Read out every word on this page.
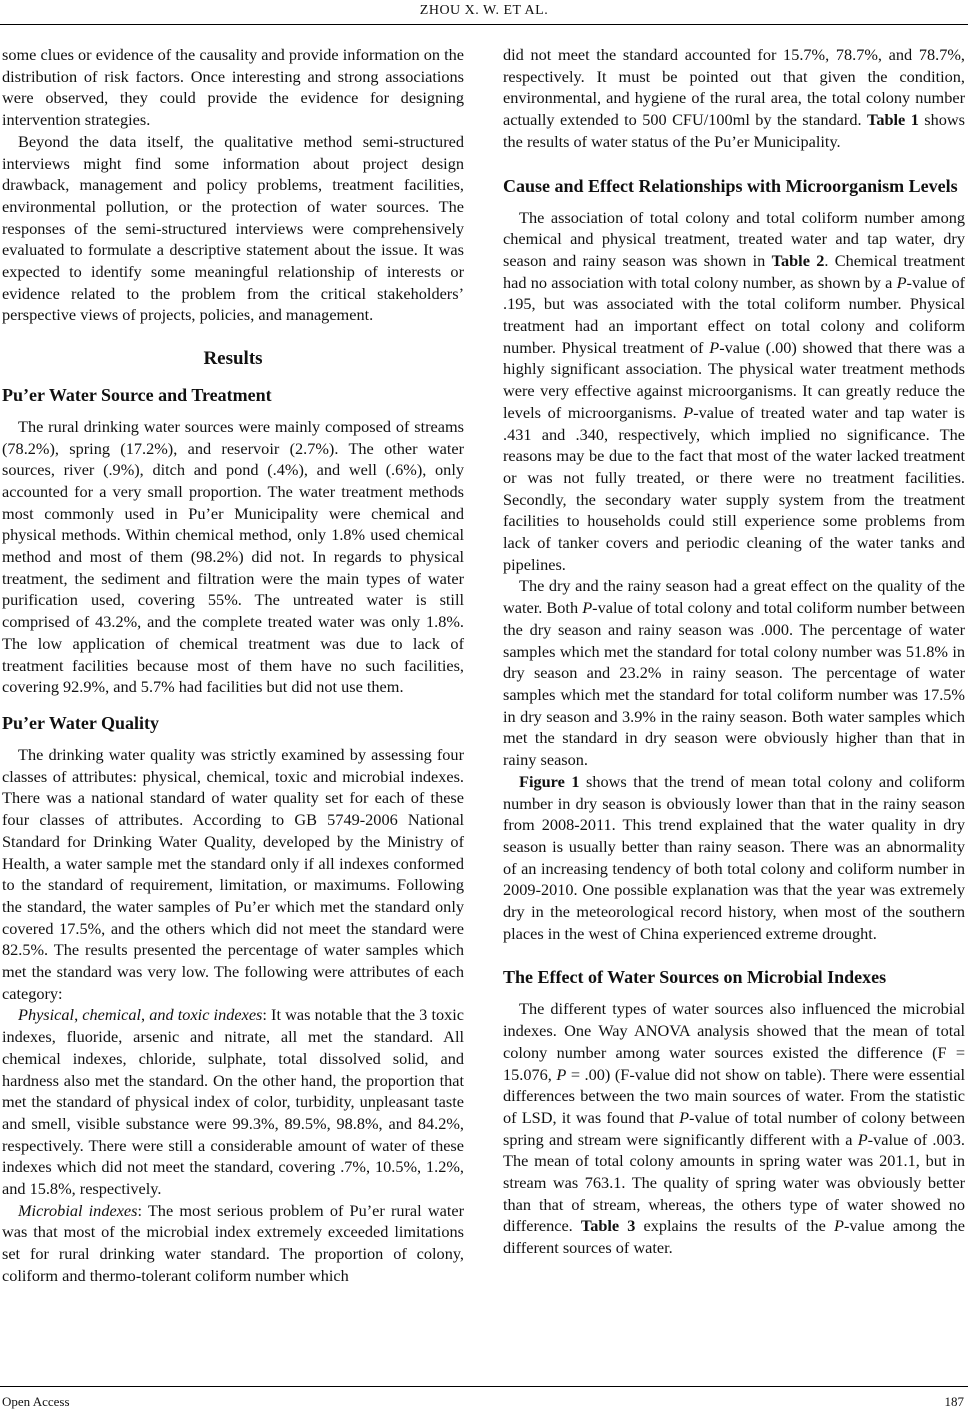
ZHOU X. W. ET AL.

some clues or evidence of the causality and provide information on the distribution of risk factors. Once interesting and strong associations were observed, they could provide the evidence for designing intervention strategies.

Beyond the data itself, the qualitative method semi-structured interviews might find some information about project design drawback, management and policy problems, treatment facilities, environmental pollution, or the protection of water sources. The responses of the semi-structured interviews were comprehensively evaluated to formulate a descriptive statement about the issue. It was expected to identify some meaningful relationship of interests or evidence related to the problem from the critical stakeholders’ perspective views of projects, policies, and management.

Results
Pu’er Water Source and Treatment

The rural drinking water sources were mainly composed of streams (78.2%), spring (17.2%), and reservoir (2.7%). The other water sources, river (.9%), ditch and pond (.4%), and well (.6%), only accounted for a very small proportion. The water treatment methods most commonly used in Pu’er Municipality were chemical and physical methods. Within chemical method, only 1.8% used chemical method and most of them (98.2%) did not. In regards to physical treatment, the sediment and filtration were the main types of water purification used, covering 55%. The untreated water is still comprised of 43.2%, and the complete treated water was only 1.8%. The low application of chemical treatment was due to lack of treatment facilities because most of them have no such facilities, covering 92.9%, and 5.7% had facilities but did not use them.

Pu’er Water Quality

The drinking water quality was strictly examined by assessing four classes of attributes: physical, chemical, toxic and microbial indexes. There was a national standard of water quality set for each of these four classes of attributes. According to GB 5749-2006 National Standard for Drinking Water Quality, developed by the Ministry of Health, a water sample met the standard only if all indexes conformed to the standard of requirement, limitation, or maximums. Following the standard, the water samples of Pu’er which met the standard only covered 17.5%, and the others which did not meet the standard were 82.5%. The results presented the percentage of water samples which met the standard was very low. The following were attributes of each category:

Physical, chemical, and toxic indexes: It was notable that the 3 toxic indexes, fluoride, arsenic and nitrate, all met the standard. All chemical indexes, chloride, sulphate, total dissolved solid, and hardness also met the standard. On the other hand, the proportion that met the standard of physical index of color, turbidity, unpleasant taste and smell, visible substance were 99.3%, 89.5%, 98.8%, and 84.2%, respectively. There were still a considerable amount of water of these indexes which did not meet the standard, covering .7%, 10.5%, 1.2%, and 15.8%, respectively.

Microbial indexes: The most serious problem of Pu’er rural water was that most of the microbial index extremely exceeded limitations set for rural drinking water standard. The proportion of colony, coliform and thermo-tolerant coliform number which

did not meet the standard accounted for 15.7%, 78.7%, and 78.7%, respectively. It must be pointed out that given the condition, environmental, and hygiene of the rural area, the total colony number actually extended to 500 CFU/100ml by the standard. Table 1 shows the results of water status of the Pu’er Municipality.

Cause and Effect Relationships with Microorganism Levels

The association of total colony and total coliform number among chemical and physical treatment, treated water and tap water, dry season and rainy season was shown in Table 2. Chemical treatment had no association with total colony number, as shown by a P-value of .195, but was associated with the total coliform number. Physical treatment had an important effect on total colony and coliform number. Physical treatment of P-value (.00) showed that there was a highly significant association. The physical water treatment methods were very effective against microorganisms. It can greatly reduce the levels of microorganisms. P-value of treated water and tap water is .431 and .340, respectively, which implied no significance. The reasons may be due to the fact that most of the water lacked treatment or was not fully treated, or there were no treatment facilities. Secondly, the secondary water supply system from the treatment facilities to households could still experience some problems from lack of tanker covers and periodic cleaning of the water tanks and pipelines.

The dry and the rainy season had a great effect on the quality of the water. Both P-value of total colony and total coliform number between the dry season and rainy season was .000. The percentage of water samples which met the standard for total colony number was 51.8% in dry season and 23.2% in rainy season. The percentage of water samples which met the standard for total coliform number was 17.5% in dry season and 3.9% in the rainy season. Both water samples which met the standard in dry season were obviously higher than that in rainy season.

Figure 1 shows that the trend of mean total colony and coliform number in dry season is obviously lower than that in the rainy season from 2008-2011. This trend explained that the water quality in dry season is usually better than rainy season. There was an abnormality of an increasing tendency of both total colony and coliform number in 2009-2010. One possible explanation was that the year was extremely dry in the meteorological record history, when most of the southern places in the west of China experienced extreme drought.

The Effect of Water Sources on Microbial Indexes

The different types of water sources also influenced the microbial indexes. One Way ANOVA analysis showed that the mean of total colony number among water sources existed the difference (F = 15.076, P = .00) (F-value did not show on table). There were essential differences between the two main sources of water. From the statistic of LSD, it was found that P-value of total number of colony between spring and stream were significantly different with a P-value of .003. The mean of total colony amounts in spring water was 201.1, but in stream was 763.1. The quality of spring water was obviously better than that of stream, whereas, the others type of water showed no difference. Table 3 explains the results of the P-value among the different sources of water.

Open Access	187
